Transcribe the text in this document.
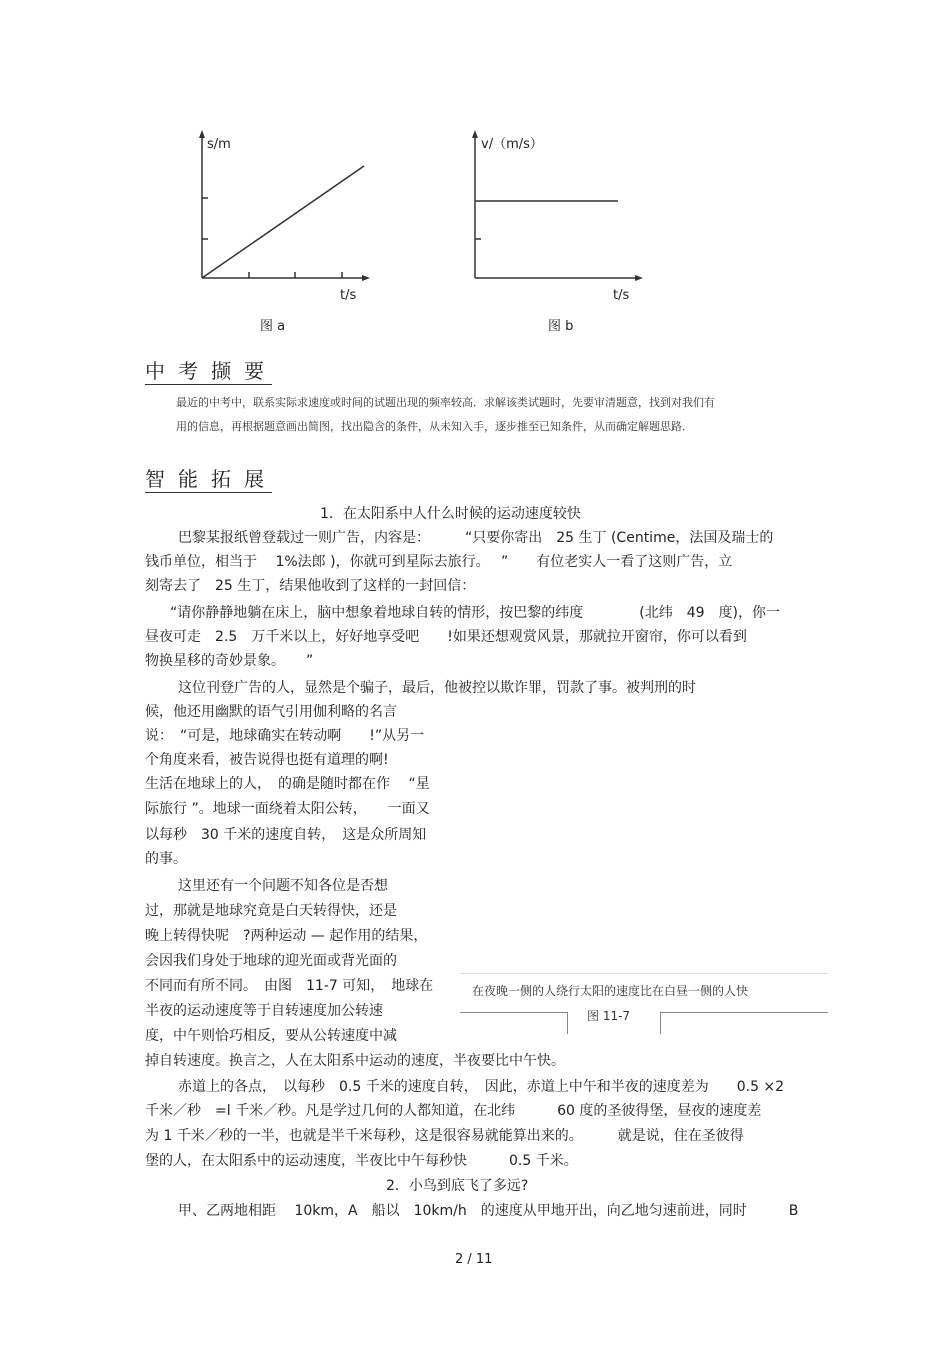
s/m
t/s
图 a
v/（m/s）
t/s
图 b
中考撷要
最近的中考中，联系实际求速度或时间的试题出现的频率较高．求解该类试题时，先要审清题意，找到对我们有
用的信息，再根据题意画出简图，找出隐含的条件，从未知入手，逐步推至已知条件，从而确定解题思路．
智能拓展
1．在太阳系中人什么时候的运动速度较快
巴黎某报纸曾登载过一则广告，内容是：　　　“只要你寄出　25 生丁 (Centime，法国及瑞士的
钱币单位，相当于　 1%法郎 )，你就可到星际去旅行。　 ”　　有位老实人一看了这则广告，立
刻寄去了　25 生丁，结果他收到了这样的一封回信：
“请你静静地躺在床上，脑中想象着地球自转的情形，按巴黎的纬度　　　　(北纬　49　度)，你一
昼夜可走　2.5　万千米以上，好好地享受吧　　!如果还想观赏风景，那就拉开窗帘，你可以看到
物换星移的奇妙景象。　　”
这位刊登广告的人，显然是个骗子，最后，他被控以欺诈罪，罚款了事。被判刑的时
候，他还用幽默的语气引用伽利略的名言
说：　“可是，地球确实在转动啊　　!”从另一
个角度来看，被告说得也挺有道理的啊!
生活在地球上的人，　的确是随时都在作　 “星
际旅行 ”。地球一面绕着太阳公转，　　一面又
以每秒　30 千米的速度自转，　这是众所周知
的事。
这里还有一个问题不知各位是否想
过，那就是地球究竟是白天转得快，还是
晚上转得快呢　?两种运动 — 起作用的结果，
会因我们身处于地球的迎光面或背光面的
不同而有所不同。　由图　11-7 可知，　地球在
半夜的运动速度等于自转速度加公转速
度，中午则恰巧相反，要从公转速度中减
在夜晚一侧的人绕行太阳的速度比在白昼一侧的人快
图 11-7
掉自转速度。换言之，人在太阳系中运动的速度，半夜要比中午快。
赤道上的各点，　以每秒　0.5 千米的速度自转，　因此，赤道上中午和半夜的速度差为　　0.5 ×2
千米／秒　=l 千米／秒。凡是学过几何的人都知道，在北纬　　　60 度的圣彼得堡，昼夜的速度差
为 1 千米／秒的一半，也就是半千米每秒，这是很容易就能算出来的。　　　就是说，住在圣彼得
堡的人，在太阳系中的运动速度，半夜比中午每秒快　　　0.5 千米。
2．小鸟到底飞了多远?
甲、乙两地相距　 10km，A　船以　10km/h　的速度从甲地开出，向乙地匀速前进，同时　　　B
2 / 11
